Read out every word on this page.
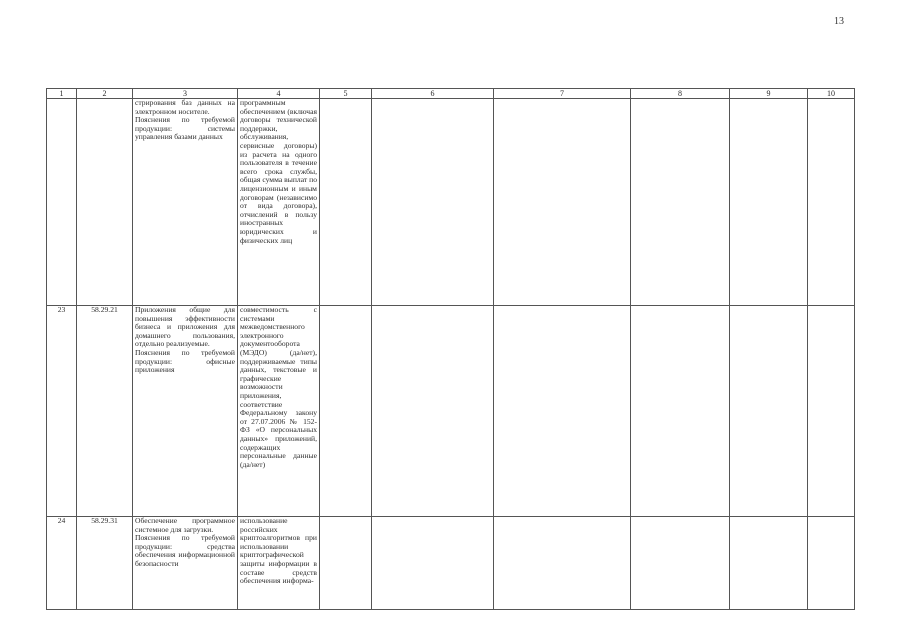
13
1	2	3	4	5	6	7	8	9	10
		стрирования баз данных на электронном носителе.
Пояснения по требуемой продукции: системы управления базами данных	программным обеспечением (включая договоры технической поддержки, обслуживания, сервисные договоры) из расчета на одного пользователя в течение всего срока службы, общая сумма выплат по лицензионным и иным договорам (независимо от вида договора), отчислений в пользу иностранных юридических и физических лиц						
23	58.29.21	Приложения общие для повышения эффективности бизнеса и приложения для домашнего пользования, отдельно реализуемые.
Пояснения по требуемой продукции: офисные приложения	совместимость с системами межведомственного электронного документооборота (МЭДО) (да/нет), поддерживаемые типы данных, текстовые и графические возможности приложения, соответствие Федеральному закону от 27.07.2006 № 152-ФЗ «О персональных данных» приложений, содержащих персональные данные (да/нет)						
24	58.29.31	Обеспечение программное системное для загрузки.
Пояснения по требуемой продукции: средства обеспечения информационной безопасности	использование российских криптоалгоритмов при использовании криптографической защиты информации в составе средств обеспечения информа-						
